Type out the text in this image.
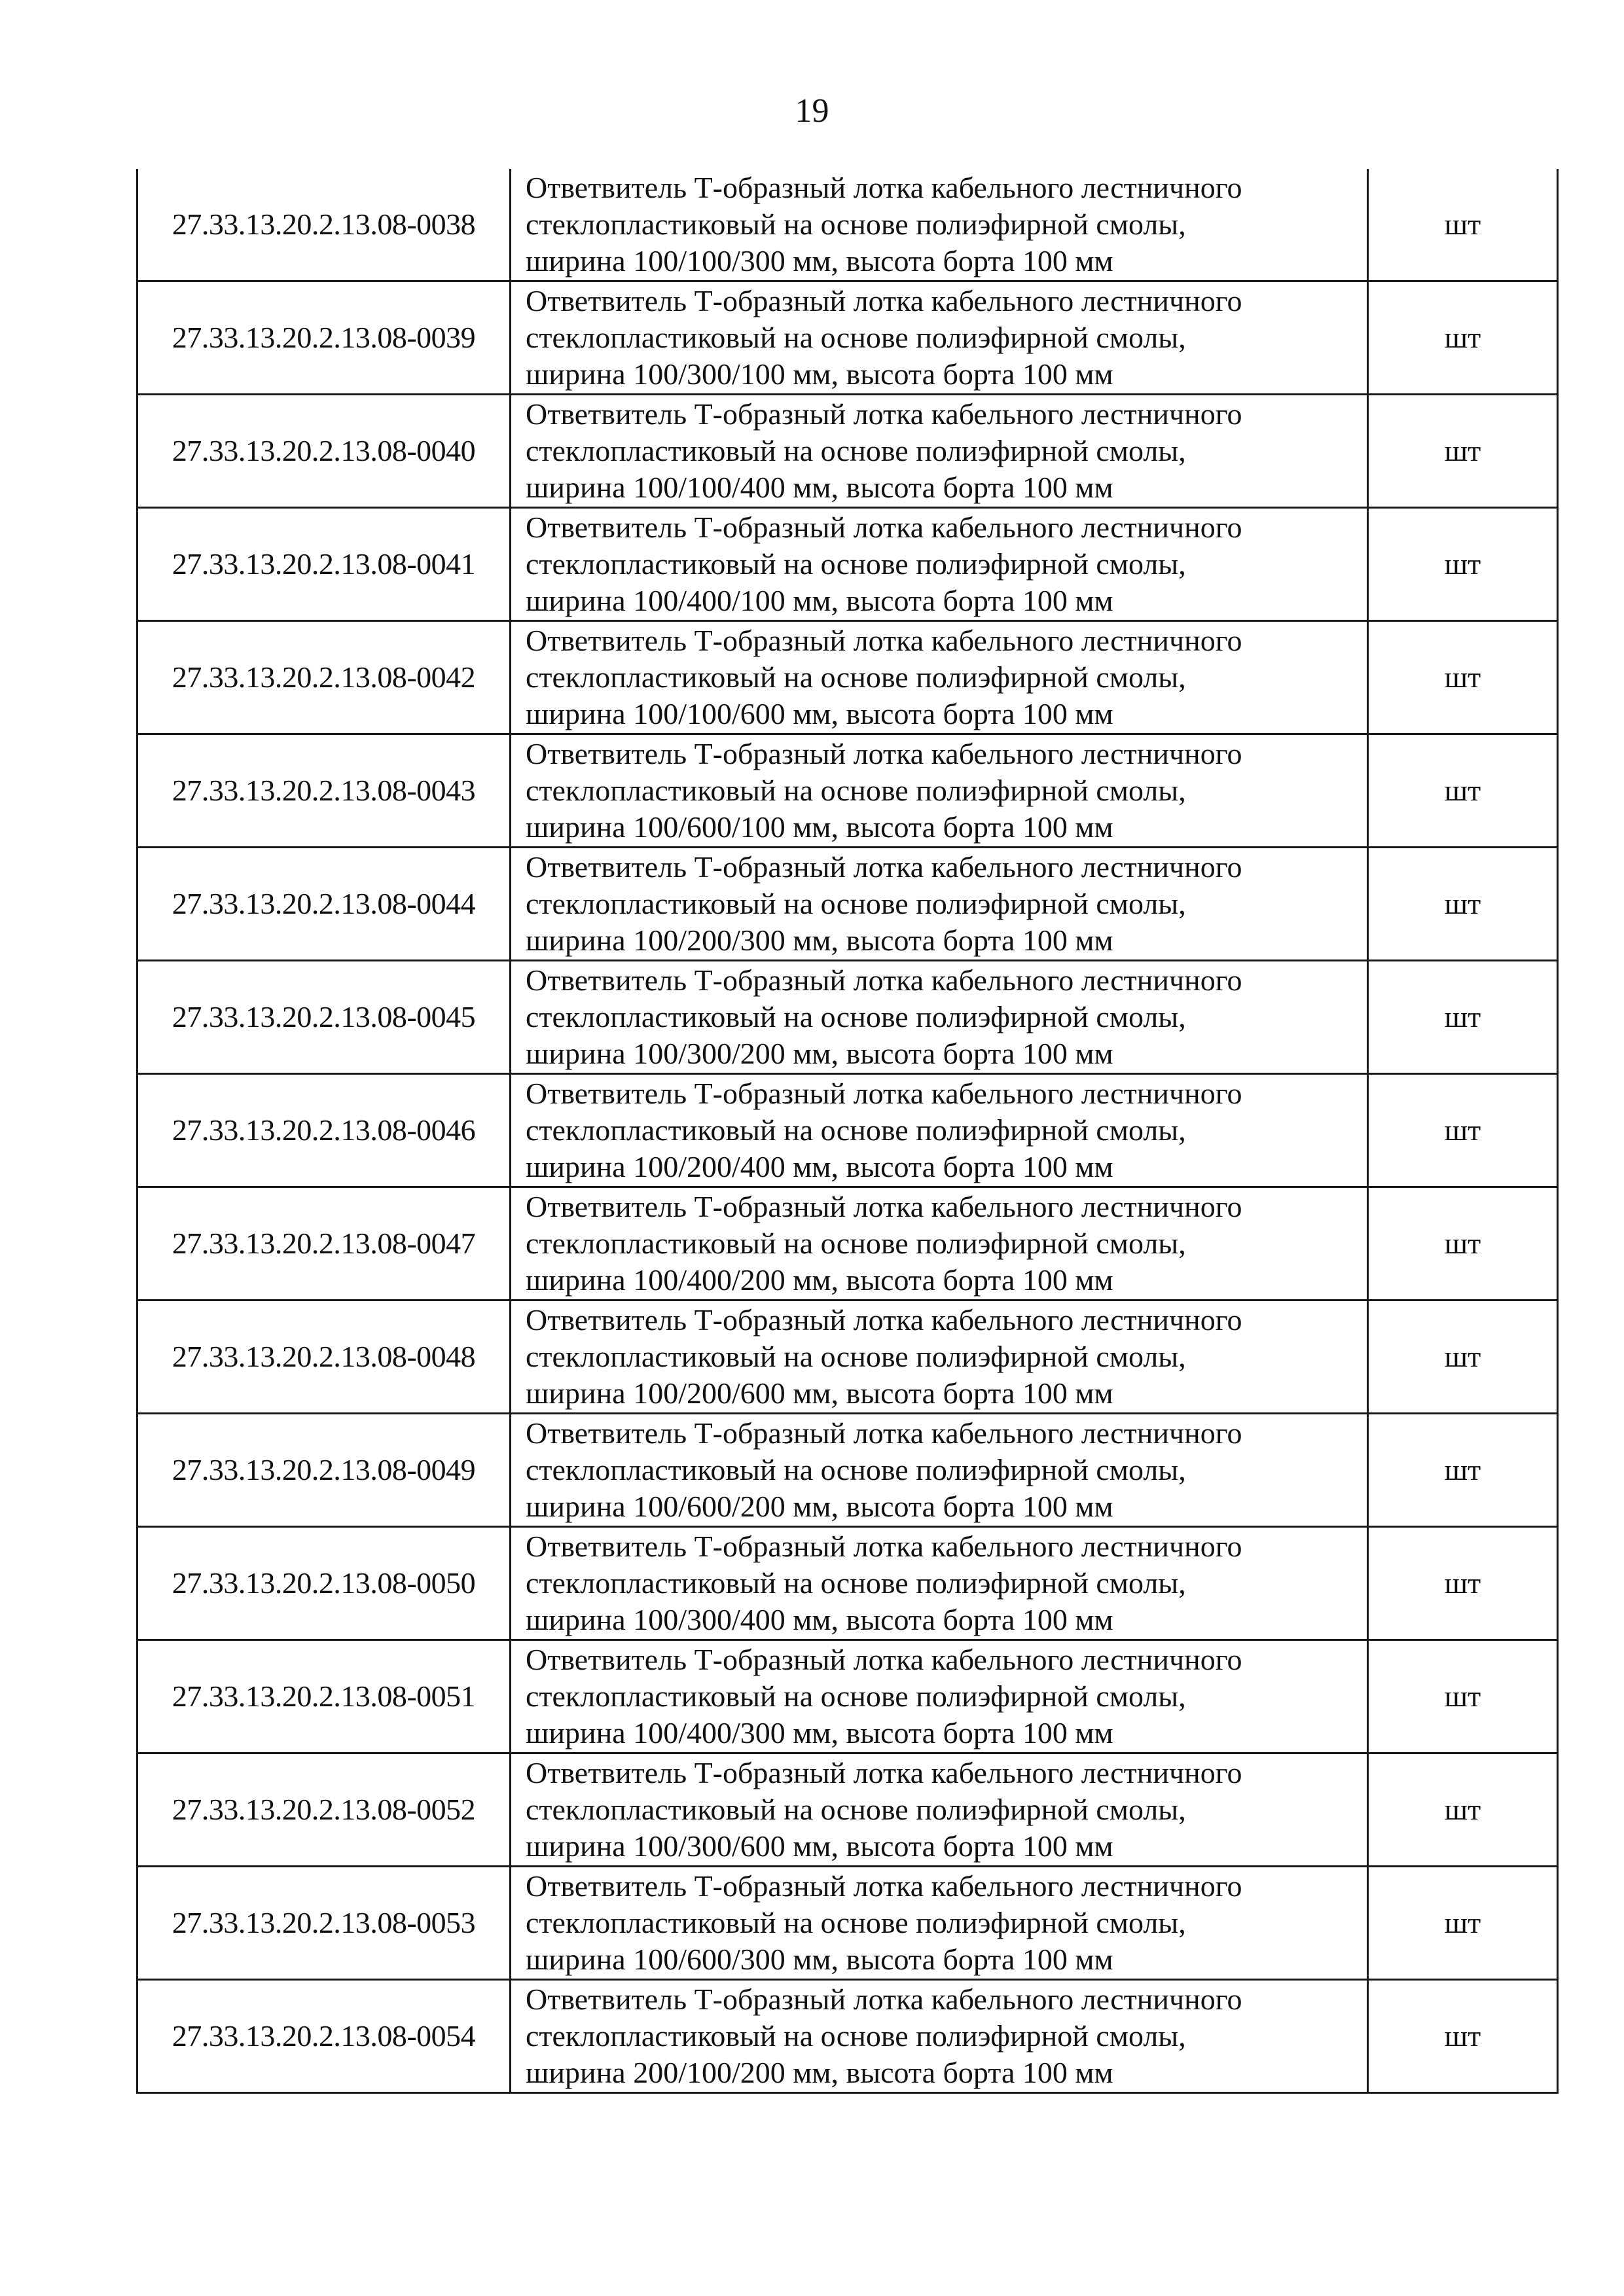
19
27.33.13.20.2.13.08-0038	Ответвитель Т-образный лотка кабельного лестничного
стеклопластиковый на основе полиэфирной смолы,
ширина 100/100/300 мм, высота борта 100 мм	шт
27.33.13.20.2.13.08-0039	Ответвитель Т-образный лотка кабельного лестничного
стеклопластиковый на основе полиэфирной смолы,
ширина 100/300/100 мм, высота борта 100 мм	шт
27.33.13.20.2.13.08-0040	Ответвитель Т-образный лотка кабельного лестничного
стеклопластиковый на основе полиэфирной смолы,
ширина 100/100/400 мм, высота борта 100 мм	шт
27.33.13.20.2.13.08-0041	Ответвитель Т-образный лотка кабельного лестничного
стеклопластиковый на основе полиэфирной смолы,
ширина 100/400/100 мм, высота борта 100 мм	шт
27.33.13.20.2.13.08-0042	Ответвитель Т-образный лотка кабельного лестничного
стеклопластиковый на основе полиэфирной смолы,
ширина 100/100/600 мм, высота борта 100 мм	шт
27.33.13.20.2.13.08-0043	Ответвитель Т-образный лотка кабельного лестничного
стеклопластиковый на основе полиэфирной смолы,
ширина 100/600/100 мм, высота борта 100 мм	шт
27.33.13.20.2.13.08-0044	Ответвитель Т-образный лотка кабельного лестничного
стеклопластиковый на основе полиэфирной смолы,
ширина 100/200/300 мм, высота борта 100 мм	шт
27.33.13.20.2.13.08-0045	Ответвитель Т-образный лотка кабельного лестничного
стеклопластиковый на основе полиэфирной смолы,
ширина 100/300/200 мм, высота борта 100 мм	шт
27.33.13.20.2.13.08-0046	Ответвитель Т-образный лотка кабельного лестничного
стеклопластиковый на основе полиэфирной смолы,
ширина 100/200/400 мм, высота борта 100 мм	шт
27.33.13.20.2.13.08-0047	Ответвитель Т-образный лотка кабельного лестничного
стеклопластиковый на основе полиэфирной смолы,
ширина 100/400/200 мм, высота борта 100 мм	шт
27.33.13.20.2.13.08-0048	Ответвитель Т-образный лотка кабельного лестничного
стеклопластиковый на основе полиэфирной смолы,
ширина 100/200/600 мм, высота борта 100 мм	шт
27.33.13.20.2.13.08-0049	Ответвитель Т-образный лотка кабельного лестничного
стеклопластиковый на основе полиэфирной смолы,
ширина 100/600/200 мм, высота борта 100 мм	шт
27.33.13.20.2.13.08-0050	Ответвитель Т-образный лотка кабельного лестничного
стеклопластиковый на основе полиэфирной смолы,
ширина 100/300/400 мм, высота борта 100 мм	шт
27.33.13.20.2.13.08-0051	Ответвитель Т-образный лотка кабельного лестничного
стеклопластиковый на основе полиэфирной смолы,
ширина 100/400/300 мм, высота борта 100 мм	шт
27.33.13.20.2.13.08-0052	Ответвитель Т-образный лотка кабельного лестничного
стеклопластиковый на основе полиэфирной смолы,
ширина 100/300/600 мм, высота борта 100 мм	шт
27.33.13.20.2.13.08-0053	Ответвитель Т-образный лотка кабельного лестничного
стеклопластиковый на основе полиэфирной смолы,
ширина 100/600/300 мм, высота борта 100 мм	шт
27.33.13.20.2.13.08-0054	Ответвитель Т-образный лотка кабельного лестничного
стеклопластиковый на основе полиэфирной смолы,
ширина 200/100/200 мм, высота борта 100 мм	шт
